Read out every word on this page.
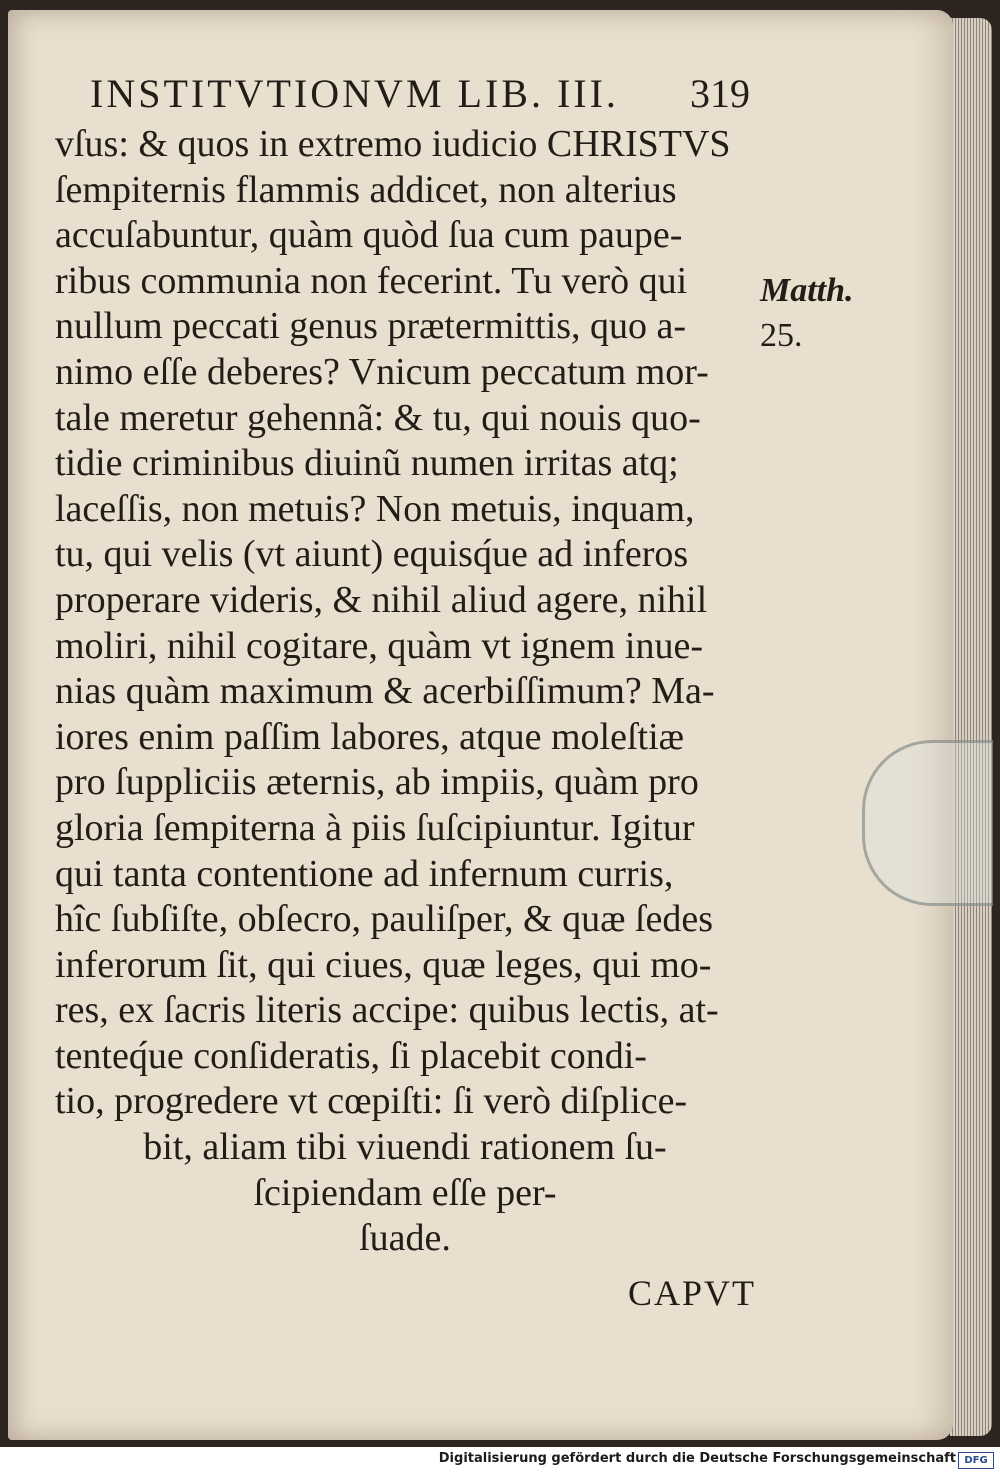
INSTITVTIONVM LIB. III.	319
vſus: & quos in extremo iudicio CHRISTVS
ſempiternis flammis addicet, non alterius
accuſabuntur, quàm quòd ſua cum paupe-
ribus communia non fecerint. Tu verò qui
nullum peccati genus prætermittis, quo a-
nimo eſſe deberes? Vnicum peccatum mor-
tale meretur gehennã: & tu, qui nouis quo-
tidie criminibus diuinũ numen irritas atq;
laceſſis, non metuis? Non metuis, inquam,
tu, qui velis (vt aiunt) equisq́ue ad inferos
properare videris, & nihil aliud agere, nihil
moliri, nihil cogitare, quàm vt ignem inue-
nias quàm maximum & acerbiſſimum? Ma-
iores enim paſſim labores, atque moleſtiæ
pro ſuppliciis æternis, ab impiis, quàm pro
gloria ſempiterna à piis ſuſcipiuntur. Igitur
qui tanta contentione ad infernum curris,
hîc ſubſiſte, obſecro, pauliſper, & quæ ſedes
inferorum ſit, qui ciues, quæ leges, qui mo-
res, ex ſacris literis accipe: quibus lectis, at-
tenteq́ue conſideratis, ſi placebit condi-
tio, progredere vt cœpiſti: ſi verò diſplice-
bit, aliam tibi viuendi rationem ſu-
ſcipiendam eſſe per-
ſuade.
Matth.
25.
CAPVT
Digitalisierung gefördert durch die Deutsche Forschungsgemeinschaft DFG
